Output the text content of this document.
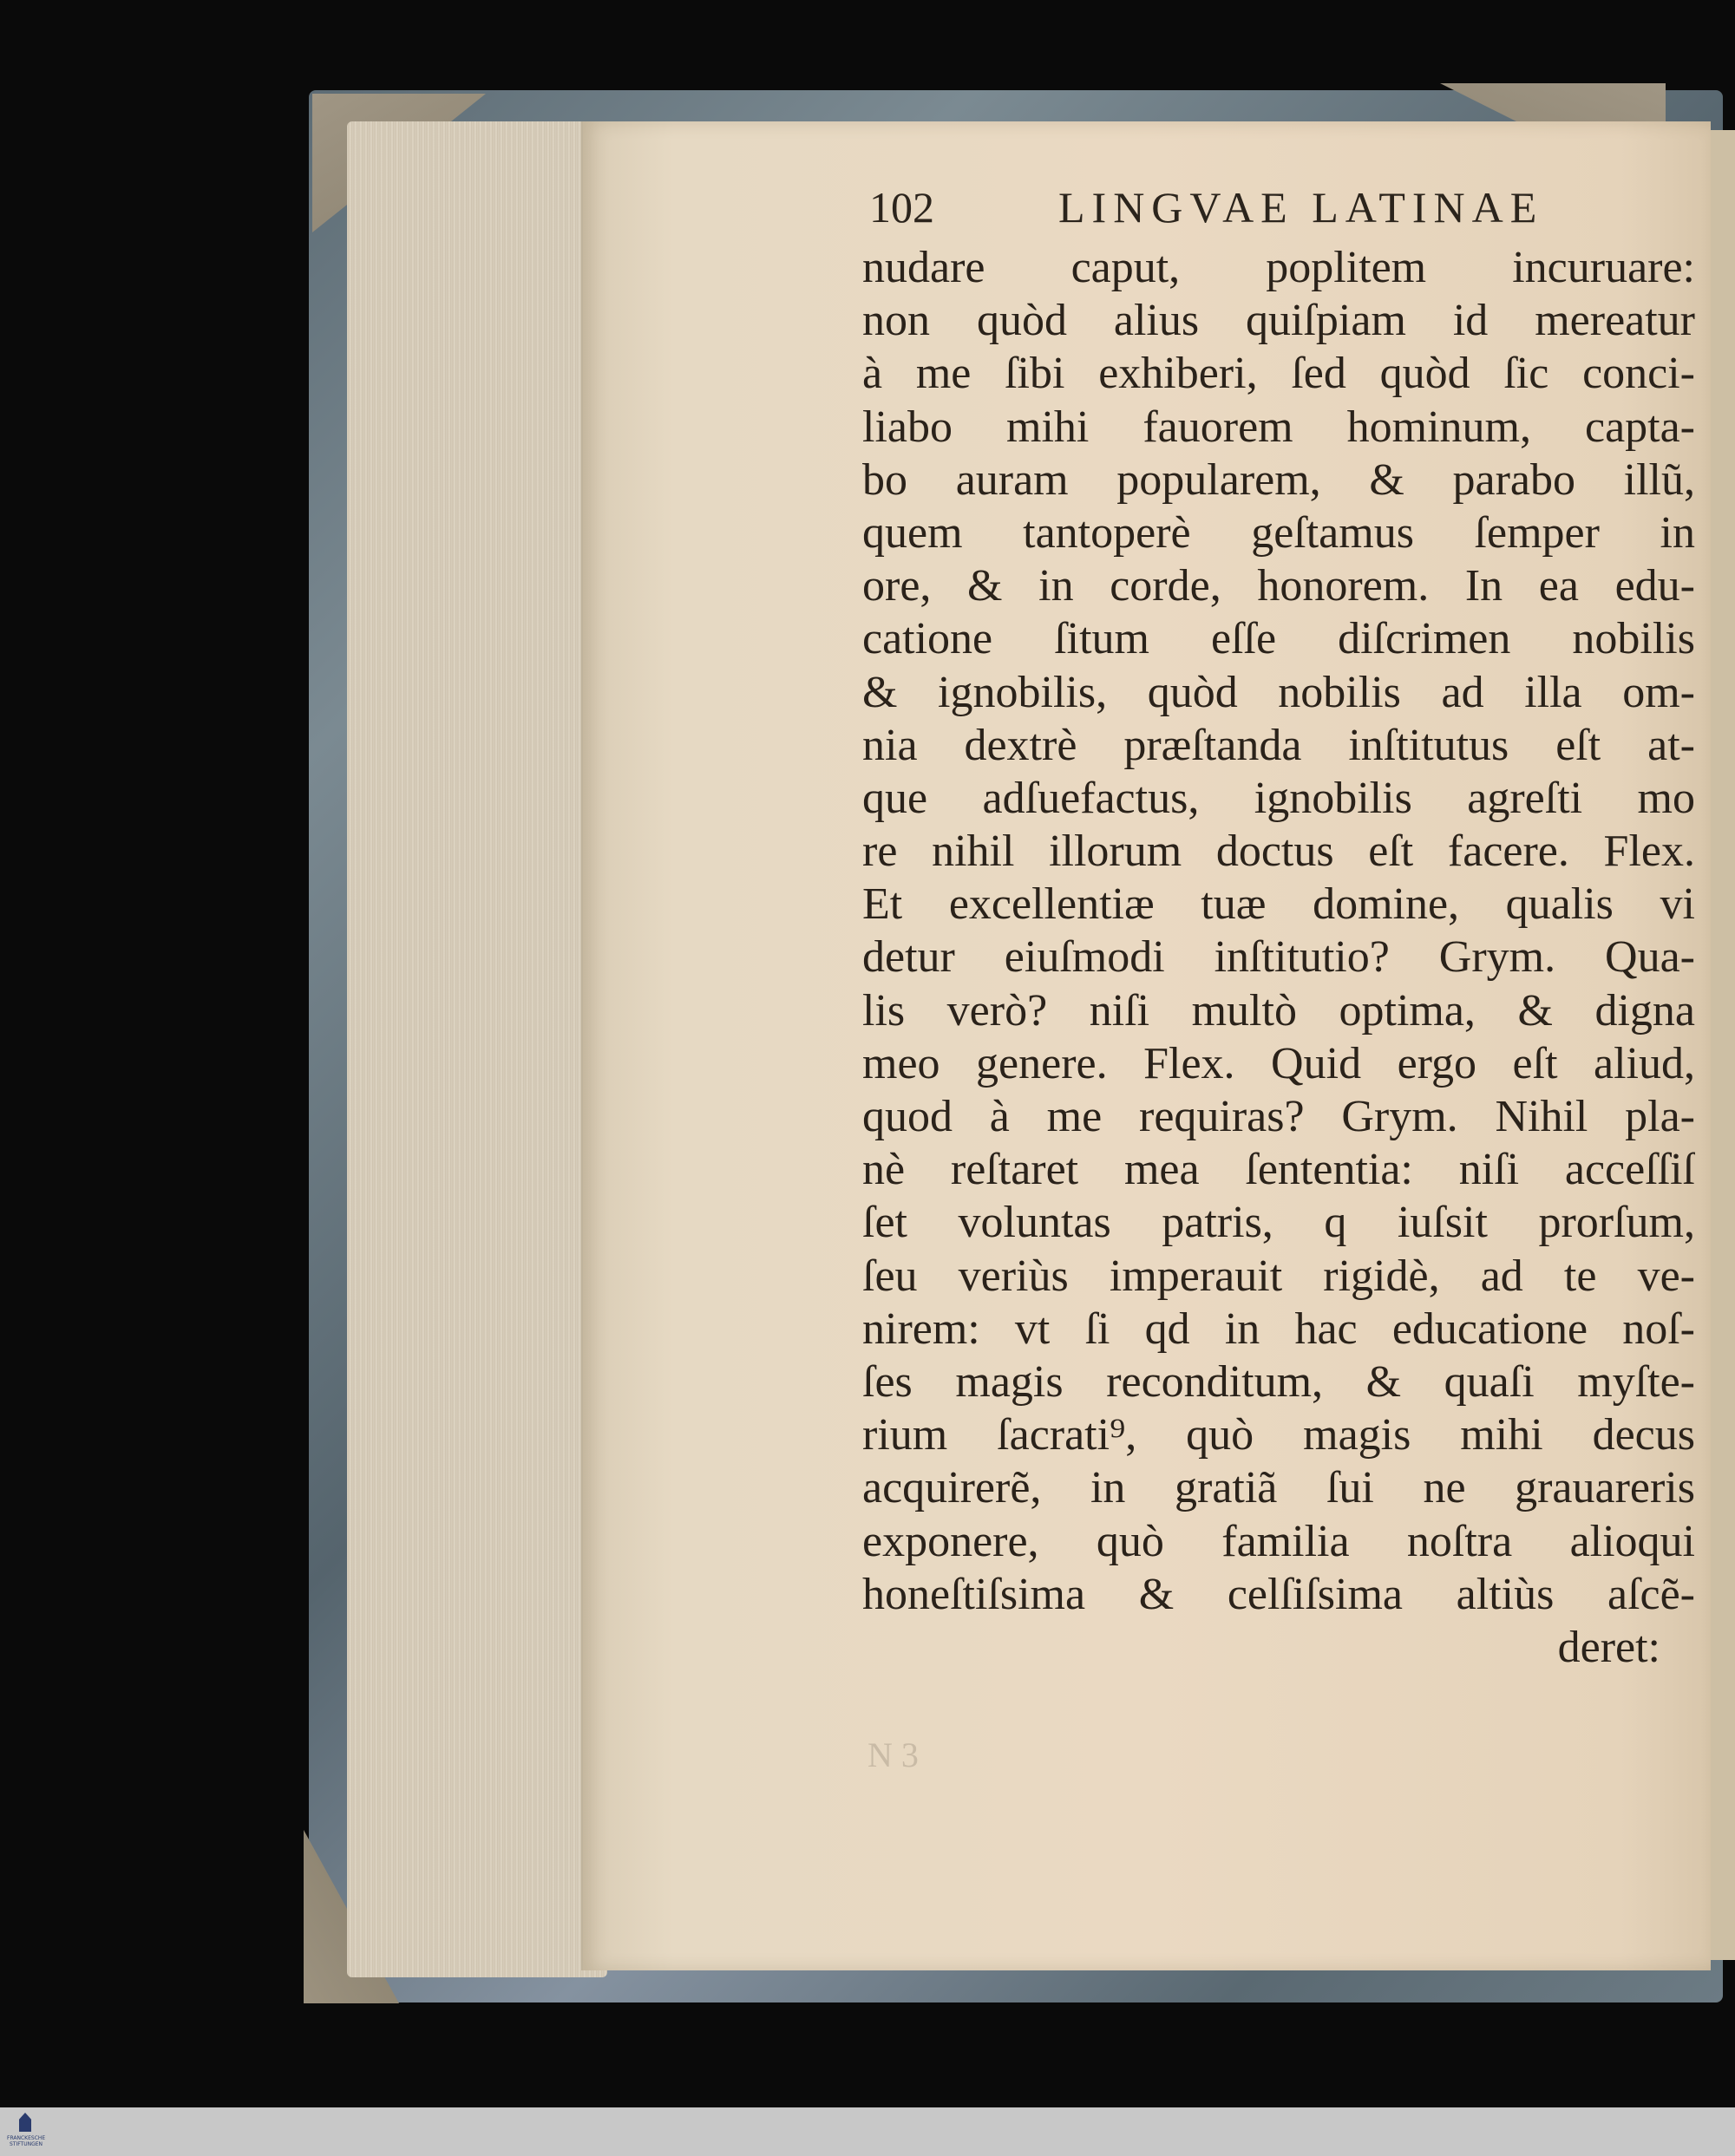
102	LINGVAE LATINAE
nudare caput, poplitem incuruare:
non quòd alius quiſpiam id mereatur
à me ſibi exhiberi, ſed quòd ſic conci-
liabo mihi fauorem hominum, capta-
bo auram popularem, & parabo illũ,
quem tantoperè geſtamus ſemper in
ore, & in corde, honorem. In ea edu-
catione ſitum eſſe diſcrimen nobilis
& ignobilis, quòd nobilis ad illa om-
nia dextrè præſtanda inſtitutus eſt at-
que adſuefactus, ignobilis agreſti mo
re nihil illorum doctus eſt facere. Flex.
Et excellentiæ tuæ domine, qualis vi
detur eiuſmodi inſtitutio? Grym. Qua-
lis verò? niſi multò optima, & digna
meo genere. Flex. Quid ergo eſt aliud,
quod à me requiras? Grym. Nihil pla-
nè reſtaret mea ſententia: niſi acceſſiſ
ſet voluntas patris, q iuſsit prorſum,
ſeu veriùs imperauit rigidè, ad te ve-
nirem: vt ſi qd in hac educatione noſ-
ſes magis reconditum, & quaſi myſte-
rium ſacrati⁹, quò magis mihi decus
acquirerẽ, in gratiã ſui ne grauareris
exponere, quò familia noſtra alioqui
honeſtiſsima & celſiſsima altiùs aſcẽ-
deret:
N 3
FRANCKESCHE STIFTUNGEN
